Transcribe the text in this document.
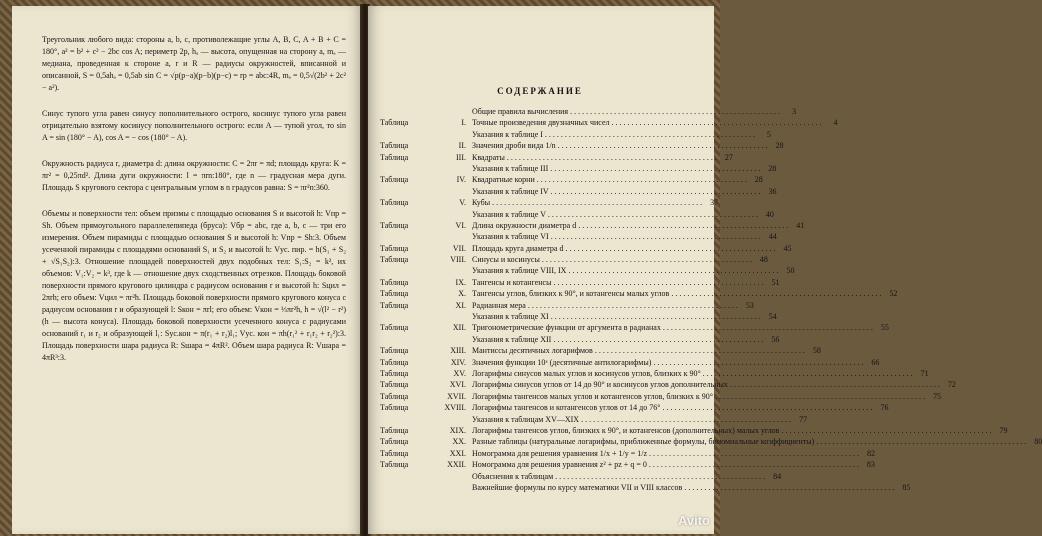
Треугольник любого вида: стороны a, b, c, противолежащие углы A, B, C, A + B + C = 180°, a² = b² + c² − 2bc cos A; периметр 2p, hₐ — высота, опущенная на сторону a, mₐ — медиана, проведенная к стороне a, r и R — радиусы окружностей, вписанной и описанной, S = 0,5ahₐ = 0,5ab sin C = √p(p−a)(p−b)(p−c) = rp = abc:4R, mₐ = 0,5√(2b² + 2c² − a²).

Синус тупого угла равен синусу пополнительного острого, косинус тупого угла равен отрицательно взятому косинусу пополнительного острого: если A — тупой угол, то sin A = sin (180° − A), cos A = − cos (180° − A).

Окружность радиуса r, диаметра d: длина окружности: C = 2πr = πd; площадь круга: K = πr² = 0,25πd². Длина дуги окружности: l = πrn:180°, где n — градусная мера дуги. Площадь S кругового сектора с центральным углом в n градусов равна: S = πr²n:360.

Объемы и поверхности тел: объем призмы с площадью основания S и высотой h: Vпр = Sh. Объем прямоугольного параллелепипеда (бруса): Vбр = abc, где a, b, c — три его измерения. Объем пирамиды с площадью основания S и высотой h: Vпр = Sh:3. Объем усеченной пирамиды с площадями оснований S₁ и S₂ и высотой h: Vус. пир. = h(S₁ + S₂ + √S₁S₂):3. Отношение площадей поверхностей двух подобных тел: S₁:S₂ = k², их объемов: V₁:V₂ = k³, где k — отношение двух сходственных отрезков. Площадь боковой поверхности прямого кругового цилиндра с радиусом основания r и высотой h: Sцил = 2πrh; его объем: Vцил = πr²h. Площадь боковой поверхности прямого кругового конуса с радиусом основания r и образующей l: Sкон = πrl; его объем: Vкон = ⅓πr²h, h = √(l² − r²) (h — высота конуса). Площадь боковой поверхности усеченного конуса с радиусами оснований r₁ и r₂ и образующей l₁: Sус.кон = π(r₁ + r₂)l₁; Vус. кон = πh(r₁² + r₁r₂ + r₂²):3. Площадь поверхности шара радиуса R: Sшара = 4πR². Объем шара радиуса R: Vшара = 4πR³:3.

СОДЕРЖАНИЕ
Общие правила вычисления . . .	3
Таблица	I. Точные произведения двузначных чисел . . .	4
Указания к таблице I . . .	5
Таблица	II. Значения дроби вида 1/n . . .	28
Таблица	III. Квадраты . . .	27
Указания к таблице III . . .	28
Таблица	IV. Квадратные корни . . .	28
Указания к таблице IV . . .	36
Таблица	V. Кубы . . .	37
Указания к таблице V . . .	40
Таблица	VI. Длина окружности диаметра d . . .	41
Указания к таблице VI . . .	44
Таблица	VII. Площадь круга диаметра d . . .	45
Таблица	VIII. Синусы и косинусы . . .	48
Указания к таблице VIII, IX . . .	50
Таблица	IX. Тангенсы и котангенсы . . .	51
Таблица	X. Тангенсы углов, близких к 90°, и котангенсы малых углов . . .	52
Таблица	XI. Радианная мера . . .	53
Указания к таблице XI . . .	54
Таблица	XII. Тригонометрические функции от аргумента в радианах . . .	55
Указания к таблице XII . . .	56
Таблица	XIII. Мантиссы десятичных логарифмов . . .	58
Таблица	XIV. Значения функции 10ˣ (десятичные антилогарифмы) . . .	66
Таблица	XV. Логарифмы синусов малых углов и косинусов углов, близких к 90° . . .	71
Таблица	XVI. Логарифмы синусов углов от 14 до 90° и косинусов углов дополнительных . . .	72
Таблица	XVII. Логарифмы тангенсов малых углов и котангенсов углов, близких к 90° . . .	75
Таблица	XVIII. Логарифмы тангенсов и котангенсов углов от 14 до 76° . . .	76
Указания к таблицам XV—XIX . . .	77
Таблица	XIX. Логарифмы тангенсов углов, близких к 90°, и котангенсов (дополнительных) малых углов . . .	79
Таблица	XX. Разные таблицы (натуральные логарифмы, приближенные формулы, биномиальные коэффициенты) . . .	80
Таблица	XXI. Номограмма для решения уравнения 1/x + 1/y = 1/z . . .	82
Таблица	XXII. Номограмма для решения уравнения z² + pz + q = 0 . . .	83
Объяснения к таблицам . . .	84
Важнейшие формулы по курсу математики VII и VIII классов . . .	85
Avito
